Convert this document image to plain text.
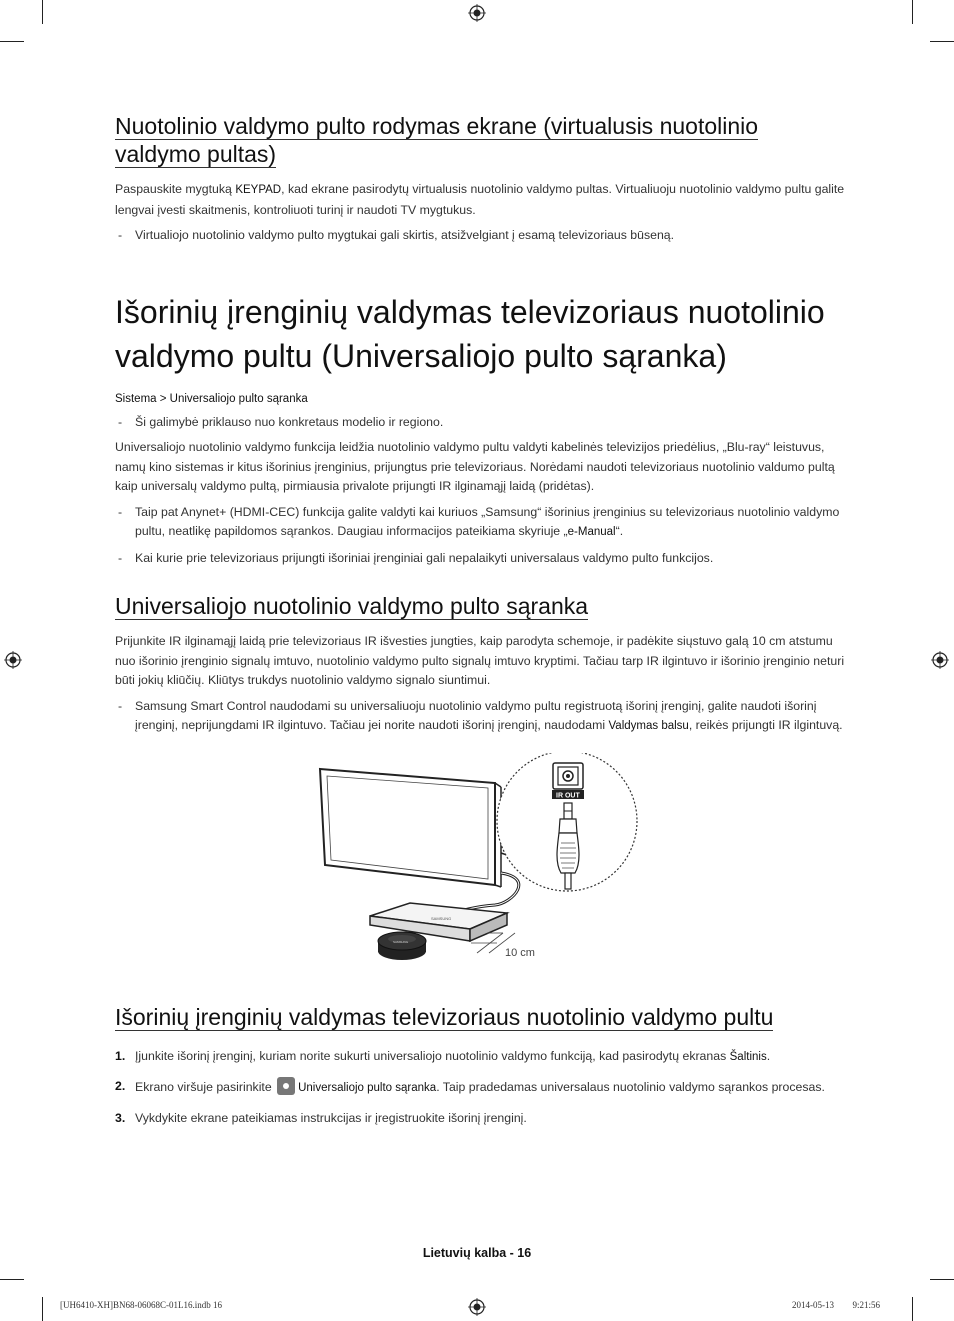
Nuotolinio valdymo pulto rodymas ekrane (virtualusis nuotolinio valdymo pultas)

Paspauskite mygtuką KEYPAD, kad ekrane pasirodytų virtualusis nuotolinio valdymo pultas. Virtualiuoju nuotolinio valdymo pultu galite lengvai įvesti skaitmenis, kontroliuoti turinį ir naudoti TV mygtukus.

- Virtualiojo nuotolinio valdymo pulto mygtukai gali skirtis, atsižvelgiant į esamą televizoriaus būseną.

Išorinių įrenginių valdymas televizoriaus nuotolinio valdymo pultu (Universaliojo pulto sąranka)
Sistema > Universaliojo pulto sąranka

- Ši galimybė priklauso nuo konkretaus modelio ir regiono.

Universaliojo nuotolinio valdymo funkcija leidžia nuotolinio valdymo pultu valdyti kabelinės televizijos priedėlius, „Blu-ray“ leistuvus, namų kino sistemas ir kitus išorinius įrenginius, prijungtus prie televizoriaus. Norėdami naudoti televizoriaus nuotolinio valdumo pultą kaip universalų valdymo pultą, pirmiausia privalote prijungti IR ilginamąjį laidą (pridėtas).

- Taip pat Anynet+ (HDMI-CEC) funkcija galite valdyti kai kuriuos „Samsung“ išorinius įrenginius su televizoriaus nuotolinio valdymo pultu, neatlikę papildomos sąrankos. Daugiau informacijos pateikiama skyriuje „e-Manual“.

- Kai kurie prie televizoriaus prijungti išoriniai įrenginiai gali nepalaikyti universalaus valdymo pulto funkcijos.

Universaliojo nuotolinio valdymo pulto sąranka

Prijunkite IR ilginamąjį laidą prie televizoriaus IR išvesties jungties, kaip parodyta schemoje, ir padėkite siųstuvo galą 10 cm atstumu nuo išorinio įrenginio signalų imtuvo, nuotolinio valdymo pulto signalų imtuvo kryptimi. Tačiau tarp IR ilgintuvo ir išorinio įrenginio neturi būti jokių kliūčių. Kliūtys trukdys nuotolinio valdymo signalo siuntimui.

- Samsung Smart Control naudodami su universaliuoju nuotolinio valdymo pultu registruotą išorinį įrenginį, galite naudoti išorinį įrenginį, neprijungdami IR ilgintuvo. Tačiau jei norite naudoti išorinį įrenginį, naudodami Valdymas balsu, reikės prijungti IR ilgintuvą.

SAMSUNG
SAMSUNG
10 cm
IR OUT
Išorinių įrenginių valdymas televizoriaus nuotolinio valdymo pultu

1. Įjunkite išorinį įrenginį, kuriam norite sukurti universaliojo nuotolinio valdymo funkciją, kad pasirodytų ekranas Šaltinis.

2. Ekrano viršuje pasirinkite Universaliojo pulto sąranka. Taip pradedamas universalaus nuotolinio valdymo sąrankos procesas.

3. Vykdykite ekrane pateikiamas instrukcijas ir įregistruokite išorinį įrenginį.

Lietuvių kalba - 16
[UH6410-XH]BN68-06068C-01L16.indb 16	2014-05-13 ￿￿ 9:21:56
